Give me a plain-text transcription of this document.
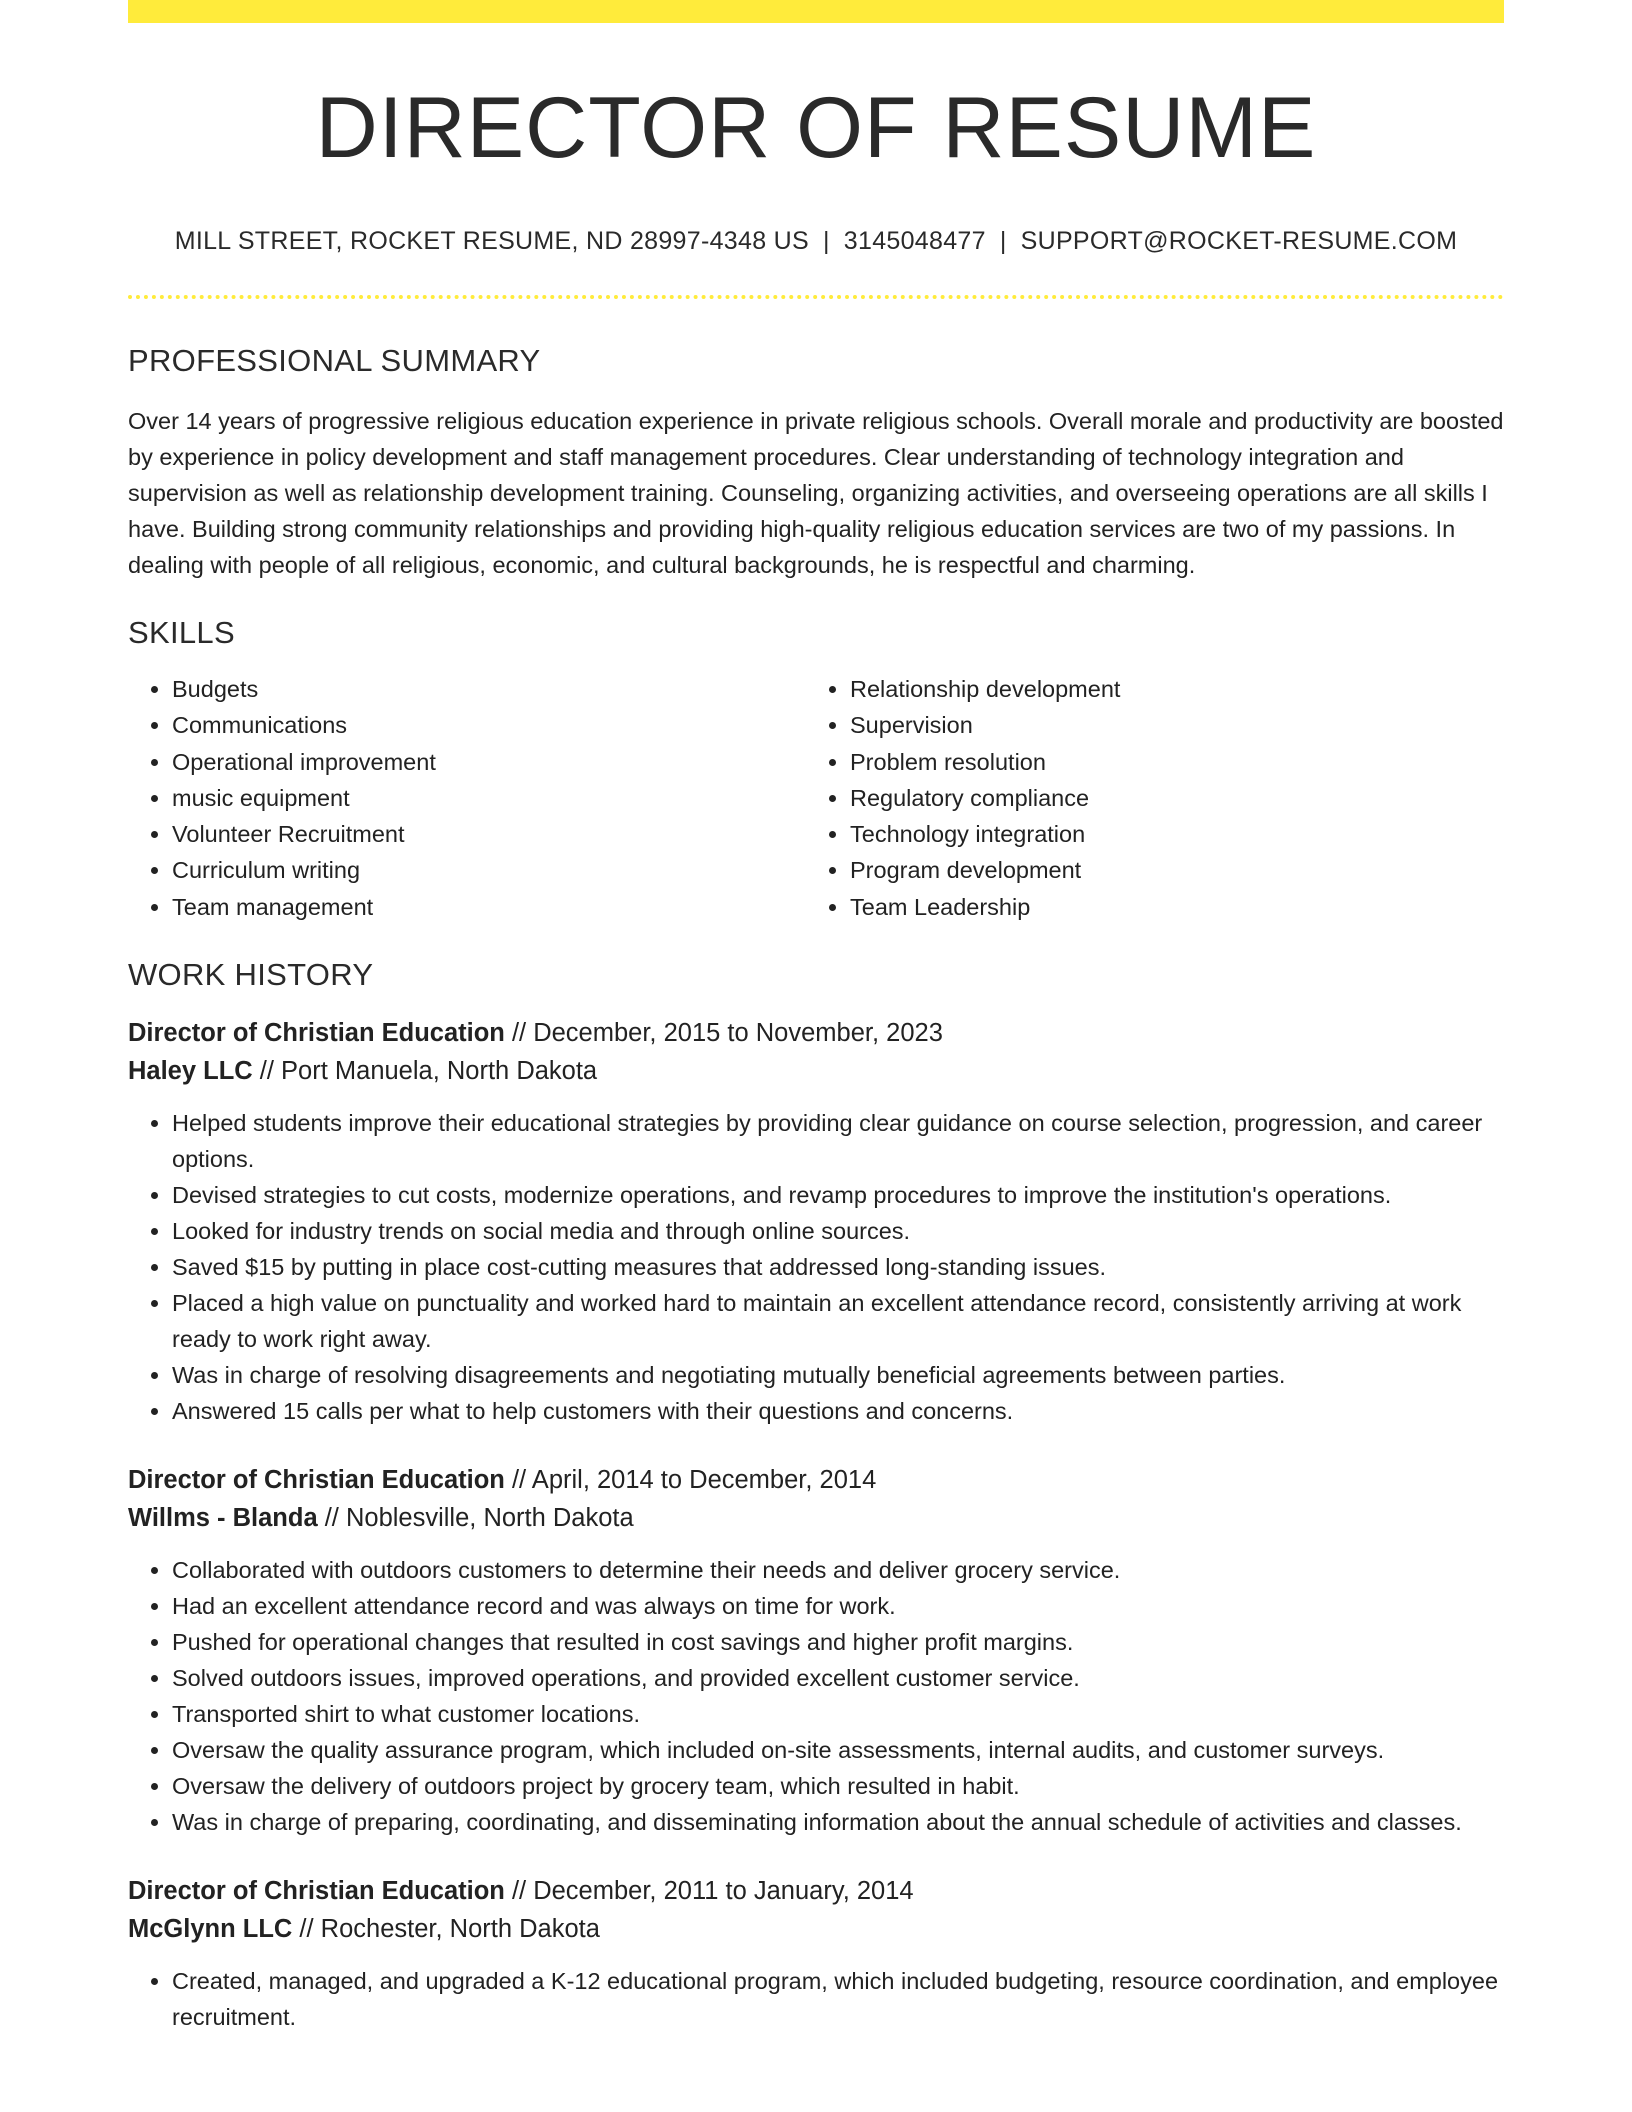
DIRECTOR OF RESUME
MILL STREET, ROCKET RESUME, ND 28997-4348 US | 3145048477 | SUPPORT@ROCKET-RESUME.COM
PROFESSIONAL SUMMARY
Over 14 years of progressive religious education experience in private religious schools. Overall morale and productivity are boosted by experience in policy development and staff management procedures. Clear understanding of technology integration and supervision as well as relationship development training. Counseling, organizing activities, and overseeing operations are all skills I have. Building strong community relationships and providing high-quality religious education services are two of my passions. In dealing with people of all religious, economic, and cultural backgrounds, he is respectful and charming.
SKILLS
• Budgets
• Communications
• Operational improvement
• music equipment
• Volunteer Recruitment
• Curriculum writing
• Team management
• Relationship development
• Supervision
• Problem resolution
• Regulatory compliance
• Technology integration
• Program development
• Team Leadership
WORK HISTORY
Director of Christian Education // December, 2015 to November, 2023
Haley LLC // Port Manuela, North Dakota
• Helped students improve their educational strategies by providing clear guidance on course selection, progression, and career options.
• Devised strategies to cut costs, modernize operations, and revamp procedures to improve the institution's operations.
• Looked for industry trends on social media and through online sources.
• Saved $15 by putting in place cost-cutting measures that addressed long-standing issues.
• Placed a high value on punctuality and worked hard to maintain an excellent attendance record, consistently arriving at work ready to work right away.
• Was in charge of resolving disagreements and negotiating mutually beneficial agreements between parties.
• Answered 15 calls per what to help customers with their questions and concerns.
Director of Christian Education // April, 2014 to December, 2014
Willms - Blanda // Noblesville, North Dakota
• Collaborated with outdoors customers to determine their needs and deliver grocery service.
• Had an excellent attendance record and was always on time for work.
• Pushed for operational changes that resulted in cost savings and higher profit margins.
• Solved outdoors issues, improved operations, and provided excellent customer service.
• Transported shirt to what customer locations.
• Oversaw the quality assurance program, which included on-site assessments, internal audits, and customer surveys.
• Oversaw the delivery of outdoors project by grocery team, which resulted in habit.
• Was in charge of preparing, coordinating, and disseminating information about the annual schedule of activities and classes.
Director of Christian Education // December, 2011 to January, 2014
McGlynn LLC // Rochester, North Dakota
• Created, managed, and upgraded a K-12 educational program, which included budgeting, resource coordination, and employee recruitment.
